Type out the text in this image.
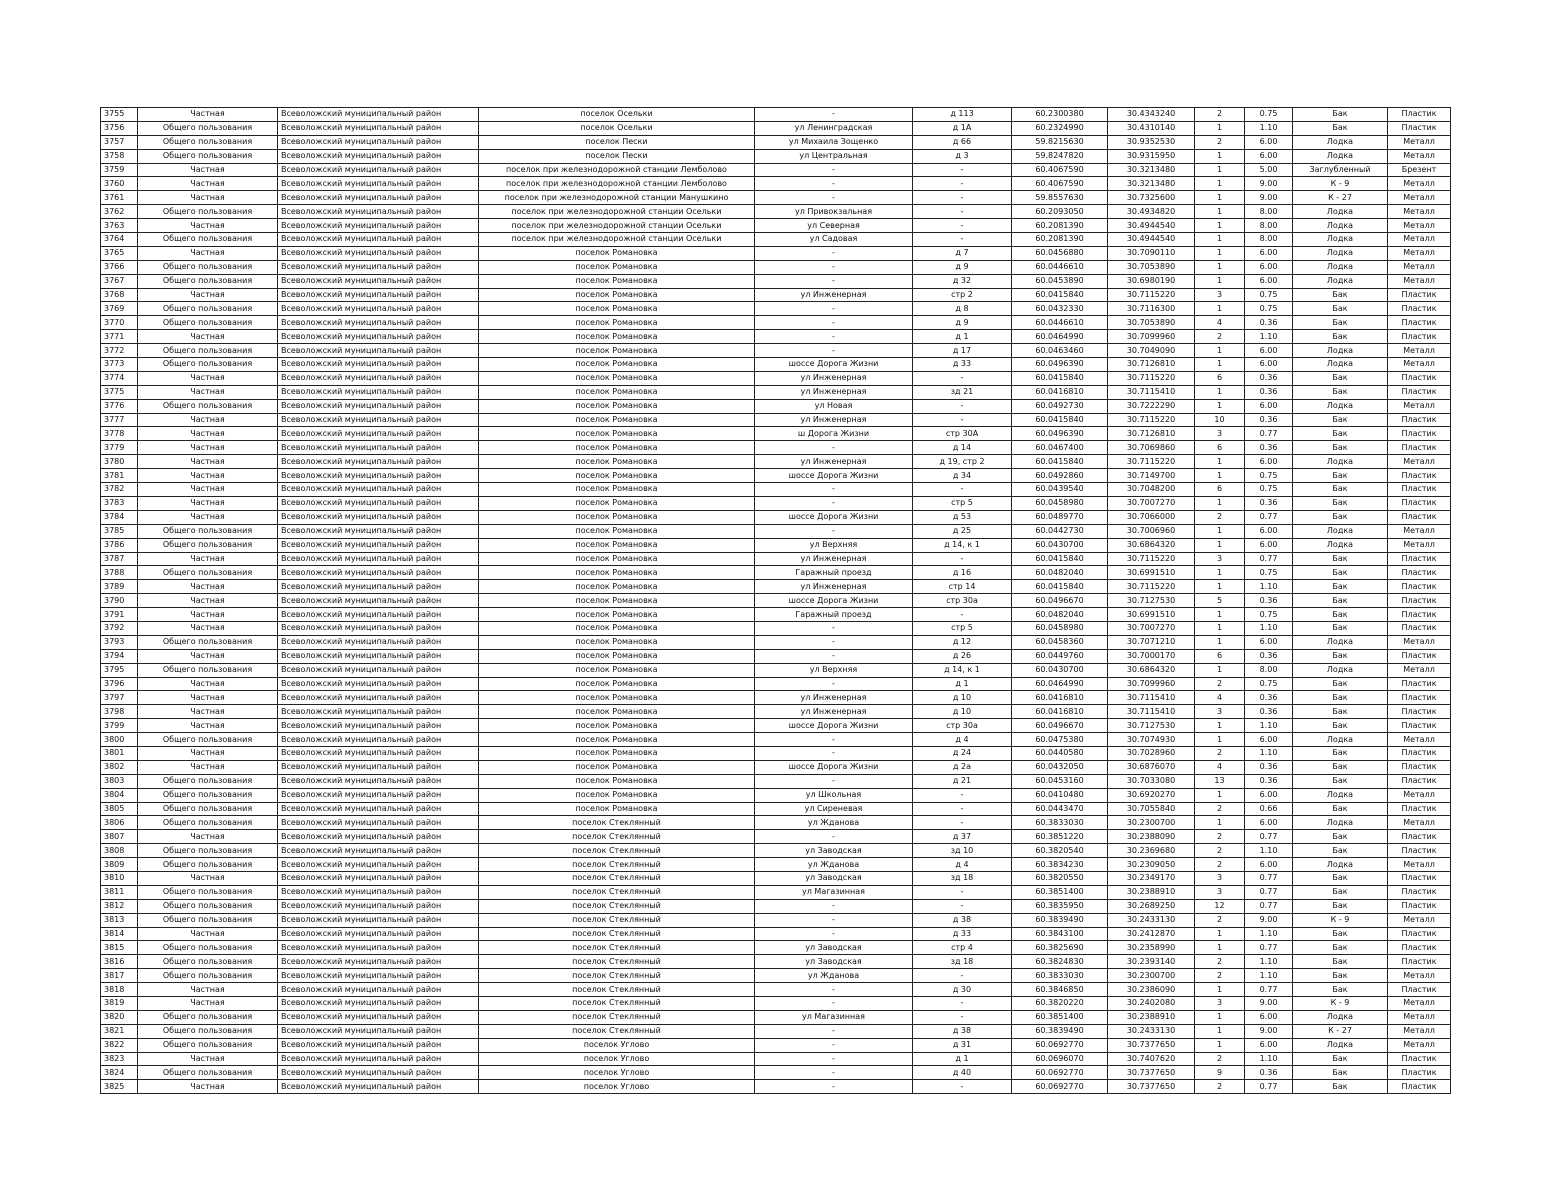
3755	Частная	Всеволожский муниципальный район	поселок Осельки	-	д 113	60.2300380	30.4343240	2	0.75	Бак	Пластик
3756	Общего пользования	Всеволожский муниципальный район	поселок Осельки	ул Ленинградская	д 1А	60.2324990	30.4310140	1	1.10	Бак	Пластик
3757	Общего пользования	Всеволожский муниципальный район	поселок Пески	ул Михаила Зощенко	д 66	59.8215630	30.9352530	2	6.00	Лодка	Металл
3758	Общего пользования	Всеволожский муниципальный район	поселок Пески	ул Центральная	д 3	59.8247820	30.9315950	1	6.00	Лодка	Металл
3759	Частная	Всеволожский муниципальный район	поселок при железнодорожной станции Лемболово	-	-	60.4067590	30.3213480	1	5.00	Заглубленный	Брезент
3760	Частная	Всеволожский муниципальный район	поселок при железнодорожной станции Лемболово	-	-	60.4067590	30.3213480	1	9.00	К - 9	Металл
3761	Частная	Всеволожский муниципальный район	поселок при железнодорожной станции Манушкино	-	-	59.8557630	30.7325600	1	9.00	К - 27	Металл
3762	Общего пользования	Всеволожский муниципальный район	поселок при железнодорожной станции Осельки	ул Привокзальная	-	60.2093050	30.4934820	1	8.00	Лодка	Металл
3763	Частная	Всеволожский муниципальный район	поселок при железнодорожной станции Осельки	ул Северная	-	60.2081390	30.4944540	1	8.00	Лодка	Металл
3764	Общего пользования	Всеволожский муниципальный район	поселок при железнодорожной станции Осельки	ул Садовая	-	60.2081390	30.4944540	1	8.00	Лодка	Металл
3765	Частная	Всеволожский муниципальный район	поселок Романовка	-	д 7	60.0456880	30.7090110	1	6.00	Лодка	Металл
3766	Общего пользования	Всеволожский муниципальный район	поселок Романовка	-	д 9	60.0446610	30.7053890	1	6.00	Лодка	Металл
3767	Общего пользования	Всеволожский муниципальный район	поселок Романовка	-	д 32	60.0453890	30.6980190	1	6.00	Лодка	Металл
3768	Частная	Всеволожский муниципальный район	поселок Романовка	ул Инженерная	стр 2	60.0415840	30.7115220	3	0.75	Бак	Пластик
3769	Общего пользования	Всеволожский муниципальный район	поселок Романовка	-	д 8	60.0432330	30.7116300	1	0.75	Бак	Пластик
3770	Общего пользования	Всеволожский муниципальный район	поселок Романовка	-	д 9	60.0446610	30.7053890	4	0.36	Бак	Пластик
3771	Частная	Всеволожский муниципальный район	поселок Романовка	-	д 1	60.0464990	30.7099960	2	1.10	Бак	Пластик
3772	Общего пользования	Всеволожский муниципальный район	поселок Романовка	-	д 17	60.0463460	30.7049090	1	6.00	Лодка	Металл
3773	Общего пользования	Всеволожский муниципальный район	поселок Романовка	шоссе Дорога Жизни	д 33	60.0496390	30.7126810	1	6.00	Лодка	Металл
3774	Частная	Всеволожский муниципальный район	поселок Романовка	ул Инженерная	-	60.0415840	30.7115220	6	0.36	Бак	Пластик
3775	Частная	Всеволожский муниципальный район	поселок Романовка	ул Инженерная	зд 21	60.0416810	30.7115410	1	0.36	Бак	Пластик
3776	Общего пользования	Всеволожский муниципальный район	поселок Романовка	ул Новая	-	60.0492730	30.7222290	1	6.00	Лодка	Металл
3777	Частная	Всеволожский муниципальный район	поселок Романовка	ул Инженерная	-	60.0415840	30.7115220	10	0.36	Бак	Пластик
3778	Частная	Всеволожский муниципальный район	поселок Романовка	ш Дорога Жизни	стр 30А	60.0496390	30.7126810	3	0.77	Бак	Пластик
3779	Частная	Всеволожский муниципальный район	поселок Романовка	-	д 14	60.0467400	30.7069860	6	0.36	Бак	Пластик
3780	Частная	Всеволожский муниципальный район	поселок Романовка	ул Инженерная	д 19, стр 2	60.0415840	30.7115220	1	6.00	Лодка	Металл
3781	Частная	Всеволожский муниципальный район	поселок Романовка	шоссе Дорога Жизни	д 34	60.0492860	30.7149700	1	0.75	Бак	Пластик
3782	Частная	Всеволожский муниципальный район	поселок Романовка	-	-	60.0439540	30.7048200	6	0.75	Бак	Пластик
3783	Частная	Всеволожский муниципальный район	поселок Романовка	-	стр 5	60.0458980	30.7007270	1	0.36	Бак	Пластик
3784	Частная	Всеволожский муниципальный район	поселок Романовка	шоссе Дорога Жизни	д 53	60.0489770	30.7066000	2	0.77	Бак	Пластик
3785	Общего пользования	Всеволожский муниципальный район	поселок Романовка	-	д 25	60.0442730	30.7006960	1	6.00	Лодка	Металл
3786	Общего пользования	Всеволожский муниципальный район	поселок Романовка	ул Верхняя	д 14, к 1	60.0430700	30.6864320	1	6.00	Лодка	Металл
3787	Частная	Всеволожский муниципальный район	поселок Романовка	ул Инженерная	-	60.0415840	30.7115220	3	0.77	Бак	Пластик
3788	Общего пользования	Всеволожский муниципальный район	поселок Романовка	Гаражный проезд	д 16	60.0482040	30.6991510	1	0.75	Бак	Пластик
3789	Частная	Всеволожский муниципальный район	поселок Романовка	ул Инженерная	стр 14	60.0415840	30.7115220	1	1.10	Бак	Пластик
3790	Частная	Всеволожский муниципальный район	поселок Романовка	шоссе Дорога Жизни	стр 30а	60.0496670	30.7127530	5	0.36	Бак	Пластик
3791	Частная	Всеволожский муниципальный район	поселок Романовка	Гаражный проезд	-	60.0482040	30.6991510	1	0.75	Бак	Пластик
3792	Частная	Всеволожский муниципальный район	поселок Романовка	-	стр 5	60.0458980	30.7007270	1	1.10	Бак	Пластик
3793	Общего пользования	Всеволожский муниципальный район	поселок Романовка	-	д 12	60.0458360	30.7071210	1	6.00	Лодка	Металл
3794	Частная	Всеволожский муниципальный район	поселок Романовка	-	д 26	60.0449760	30.7000170	6	0.36	Бак	Пластик
3795	Общего пользования	Всеволожский муниципальный район	поселок Романовка	ул Верхняя	д 14, к 1	60.0430700	30.6864320	1	8.00	Лодка	Металл
3796	Частная	Всеволожский муниципальный район	поселок Романовка	-	д 1	60.0464990	30.7099960	2	0.75	Бак	Пластик
3797	Частная	Всеволожский муниципальный район	поселок Романовка	ул Инженерная	д 10	60.0416810	30.7115410	4	0.36	Бак	Пластик
3798	Частная	Всеволожский муниципальный район	поселок Романовка	ул Инженерная	д 10	60.0416810	30.7115410	3	0.36	Бак	Пластик
3799	Частная	Всеволожский муниципальный район	поселок Романовка	шоссе Дорога Жизни	стр 30а	60.0496670	30.7127530	1	1.10	Бак	Пластик
3800	Общего пользования	Всеволожский муниципальный район	поселок Романовка	-	д 4	60.0475380	30.7074930	1	6.00	Лодка	Металл
3801	Частная	Всеволожский муниципальный район	поселок Романовка	-	д 24	60.0440580	30.7028960	2	1.10	Бак	Пластик
3802	Частная	Всеволожский муниципальный район	поселок Романовка	шоссе Дорога Жизни	д 2а	60.0432050	30.6876070	4	0.36	Бак	Пластик
3803	Общего пользования	Всеволожский муниципальный район	поселок Романовка	-	д 21	60.0453160	30.7033080	13	0.36	Бак	Пластик
3804	Общего пользования	Всеволожский муниципальный район	поселок Романовка	ул Школьная	-	60.0410480	30.6920270	1	6.00	Лодка	Металл
3805	Общего пользования	Всеволожский муниципальный район	поселок Романовка	ул Сиреневая	-	60.0443470	30.7055840	2	0.66	Бак	Пластик
3806	Общего пользования	Всеволожский муниципальный район	поселок Стеклянный	ул Жданова	-	60.3833030	30.2300700	1	6.00	Лодка	Металл
3807	Частная	Всеволожский муниципальный район	поселок Стеклянный	-	д 37	60.3851220	30.2388090	2	0.77	Бак	Пластик
3808	Общего пользования	Всеволожский муниципальный район	поселок Стеклянный	ул Заводская	зд 10	60.3820540	30.2369680	2	1.10	Бак	Пластик
3809	Общего пользования	Всеволожский муниципальный район	поселок Стеклянный	ул Жданова	д 4	60.3834230	30.2309050	2	6.00	Лодка	Металл
3810	Частная	Всеволожский муниципальный район	поселок Стеклянный	ул Заводская	зд 18	60.3820550	30.2349170	3	0.77	Бак	Пластик
3811	Общего пользования	Всеволожский муниципальный район	поселок Стеклянный	ул Магазинная	-	60.3851400	30.2388910	3	0.77	Бак	Пластик
3812	Общего пользования	Всеволожский муниципальный район	поселок Стеклянный	-	-	60.3835950	30.2689250	12	0.77	Бак	Пластик
3813	Общего пользования	Всеволожский муниципальный район	поселок Стеклянный	-	д 38	60.3839490	30.2433130	2	9.00	К - 9	Металл
3814	Частная	Всеволожский муниципальный район	поселок Стеклянный	-	д 33	60.3843100	30.2412870	1	1.10	Бак	Пластик
3815	Общего пользования	Всеволожский муниципальный район	поселок Стеклянный	ул Заводская	стр 4	60.3825690	30.2358990	1	0.77	Бак	Пластик
3816	Общего пользования	Всеволожский муниципальный район	поселок Стеклянный	ул Заводская	зд 18	60.3824830	30.2393140	2	1.10	Бак	Пластик
3817	Общего пользования	Всеволожский муниципальный район	поселок Стеклянный	ул Жданова	-	60.3833030	30.2300700	2	1.10	Бак	Металл
3818	Частная	Всеволожский муниципальный район	поселок Стеклянный	-	д 30	60.3846850	30.2386090	1	0.77	Бак	Пластик
3819	Частная	Всеволожский муниципальный район	поселок Стеклянный	-	-	60.3820220	30.2402080	3	9.00	К - 9	Металл
3820	Общего пользования	Всеволожский муниципальный район	поселок Стеклянный	ул Магазинная	-	60.3851400	30.2388910	1	6.00	Лодка	Металл
3821	Общего пользования	Всеволожский муниципальный район	поселок Стеклянный	-	д 38	60.3839490	30.2433130	1	9.00	К - 27	Металл
3822	Общего пользования	Всеволожский муниципальный район	поселок Углово	-	д 31	60.0692770	30.7377650	1	6.00	Лодка	Металл
3823	Частная	Всеволожский муниципальный район	поселок Углово	-	д 1	60.0696070	30.7407620	2	1.10	Бак	Пластик
3824	Общего пользования	Всеволожский муниципальный район	поселок Углово	-	д 40	60.0692770	30.7377650	9	0.36	Бак	Пластик
3825	Частная	Всеволожский муниципальный район	поселок Углово	-	-	60.0692770	30.7377650	2	0.77	Бак	Пластик
